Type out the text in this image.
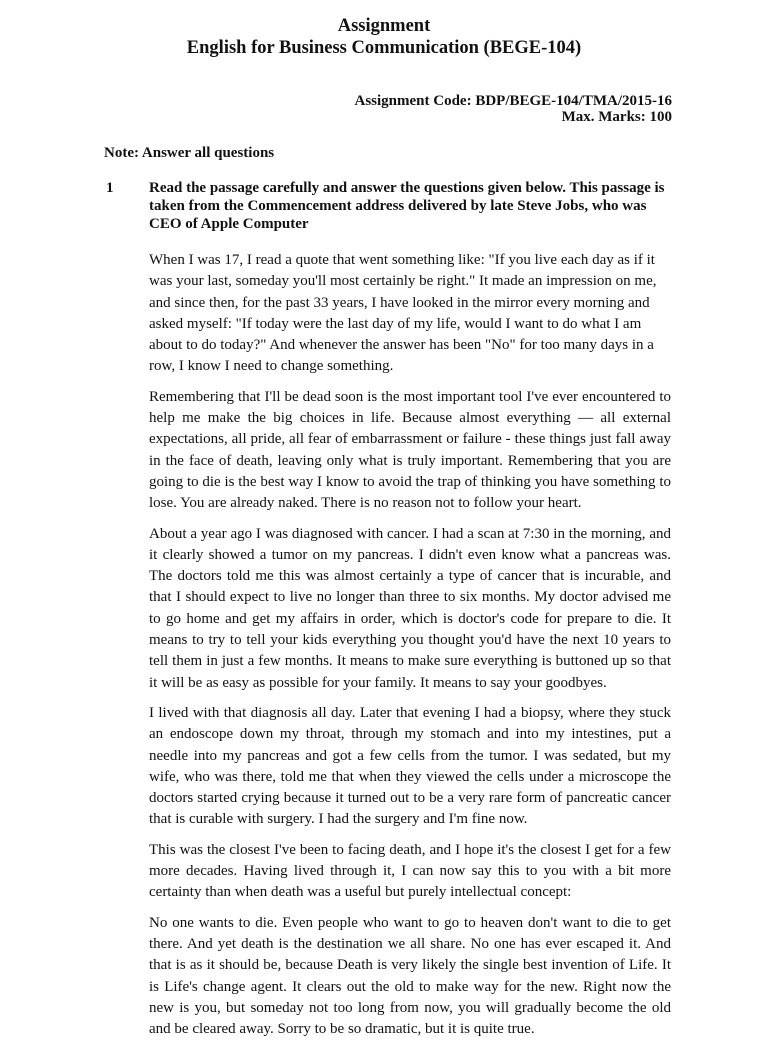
Assignment
English for Business Communication (BEGE-104)
Assignment Code: BDP/BEGE-104/TMA/2015-16
Max. Marks: 100
Note: Answer all questions
1 Read the passage carefully and answer the questions given below. This passage is taken from the Commencement address delivered by late Steve Jobs, who was CEO of Apple Computer

When I was 17, I read a quote that went something like: "If you live each day as if it was your last, someday you'll most certainly be right." It made an impression on me, and since then, for the past 33 years, I have looked in the mirror every morning and asked myself: "If today were the last day of my life, would I want to do what I am about to do today?" And whenever the answer has been "No" for too many days in a row, I know I need to change something.

Remembering that I'll be dead soon is the most important tool I've ever encountered to help me make the big choices in life. Because almost everything — all external expectations, all pride, all fear of embarrassment or failure - these things just fall away in the face of death, leaving only what is truly important. Remembering that you are going to die is the best way I know to avoid the trap of thinking you have something to lose. You are already naked. There is no reason not to follow your heart.

About a year ago I was diagnosed with cancer. I had a scan at 7:30 in the morning, and it clearly showed a tumor on my pancreas. I didn't even know what a pancreas was. The doctors told me this was almost certainly a type of cancer that is incurable, and that I should expect to live no longer than three to six months. My doctor advised me to go home and get my affairs in order, which is doctor's code for prepare to die. It means to try to tell your kids everything you thought you'd have the next 10 years to tell them in just a few months. It means to make sure everything is buttoned up so that it will be as easy as possible for your family. It means to say your goodbyes.

I lived with that diagnosis all day. Later that evening I had a biopsy, where they stuck an endoscope down my throat, through my stomach and into my intestines, put a needle into my pancreas and got a few cells from the tumor. I was sedated, but my wife, who was there, told me that when they viewed the cells under a microscope the doctors started crying because it turned out to be a very rare form of pancreatic cancer that is curable with surgery. I had the surgery and I'm fine now.

This was the closest I've been to facing death, and I hope it's the closest I get for a few more decades. Having lived through it, I can now say this to you with a bit more certainty than when death was a useful but purely intellectual concept:

No one wants to die. Even people who want to go to heaven don't want to die to get there. And yet death is the destination we all share. No one has ever escaped it. And that is as it should be, because Death is very likely the single best invention of Life. It is Life's change agent. It clears out the old to make way for the new. Right now the new is you, but someday not too long from now, you will gradually become the old and be cleared away. Sorry to be so dramatic, but it is quite true.
